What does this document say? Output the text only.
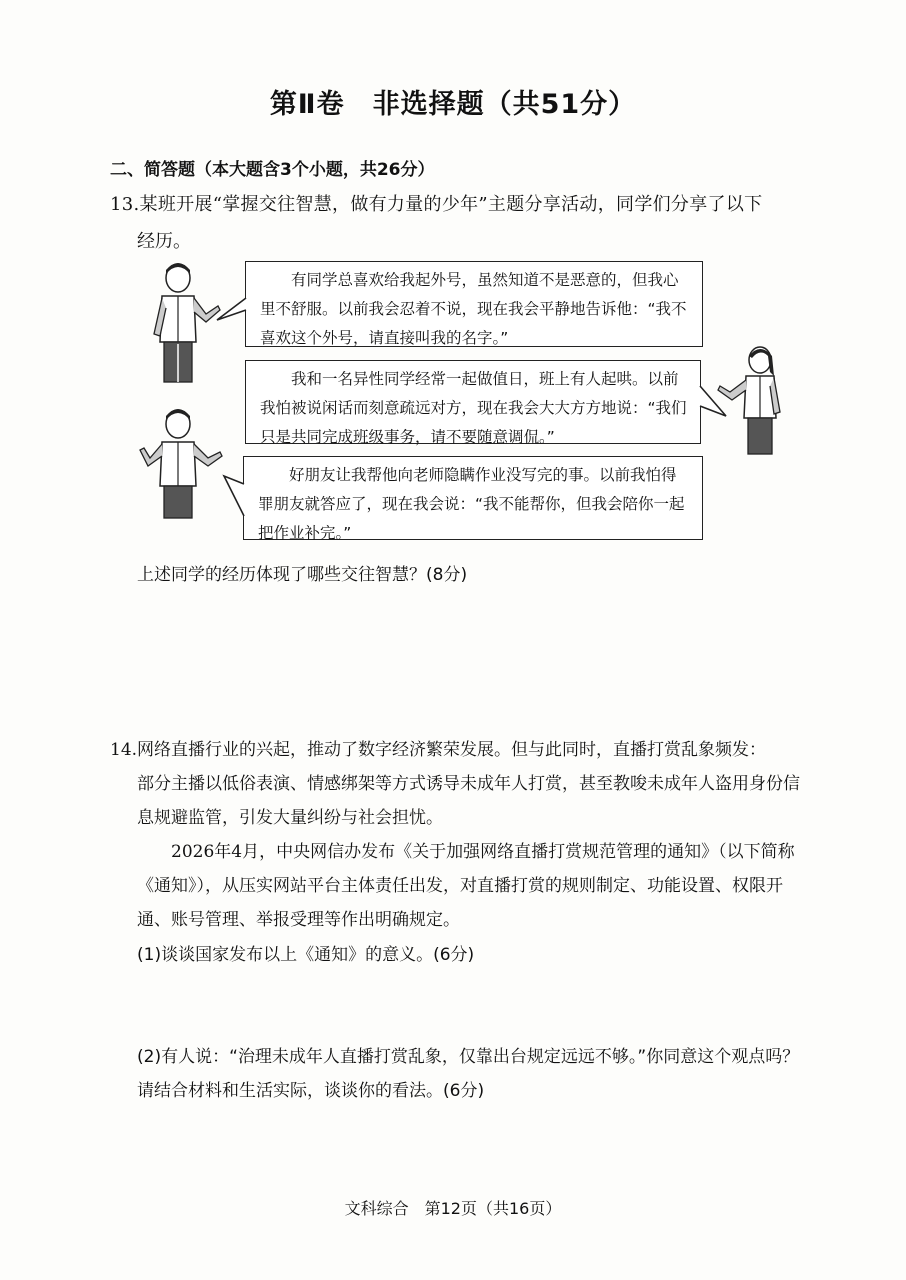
第Ⅱ卷　非选择题（共51分）
二、简答题（本大题含3个小题，共26分）
13.某班开展“掌握交往智慧，做有力量的少年”主题分享活动，同学们分享了以下
经历。

有同学总喜欢给我起外号，虽然知道不是恶意的，但我心里不舒服。以前我会忍着不说，现在我会平静地告诉他：“我不喜欢这个外号，请直接叫我的名字。”

我和一名异性同学经常一起做值日，班上有人起哄。以前我怕被说闲话而刻意疏远对方，现在我会大大方方地说：“我们只是共同完成班级事务，请不要随意调侃。”

好朋友让我帮他向老师隐瞒作业没写完的事。以前我怕得罪朋友就答应了，现在我会说：“我不能帮你，但我会陪你一起把作业补完。”

上述同学的经历体现了哪些交往智慧？(8分)

14.网络直播行业的兴起，推动了数字经济繁荣发展。但与此同时，直播打赏乱象频发：

部分主播以低俗表演、情感绑架等方式诱导未成年人打赏，甚至教唆未成年人盗用身份信息规避监管，引发大量纠纷与社会担忧。

2026年4月，中央网信办发布《关于加强网络直播打赏规范管理的通知》（以下简称《通知》），从压实网站平台主体责任出发，对直播打赏的规则制定、功能设置、权限开通、账号管理、举报受理等作出明确规定。

(1)谈谈国家发布以上《通知》的意义。(6分)
(2)有人说：“治理未成年人直播打赏乱象，仅靠出台规定远远不够。”你同意这个观点吗？请结合材料和生活实际，谈谈你的看法。(6分)
文科综合　第12页（共16页）
